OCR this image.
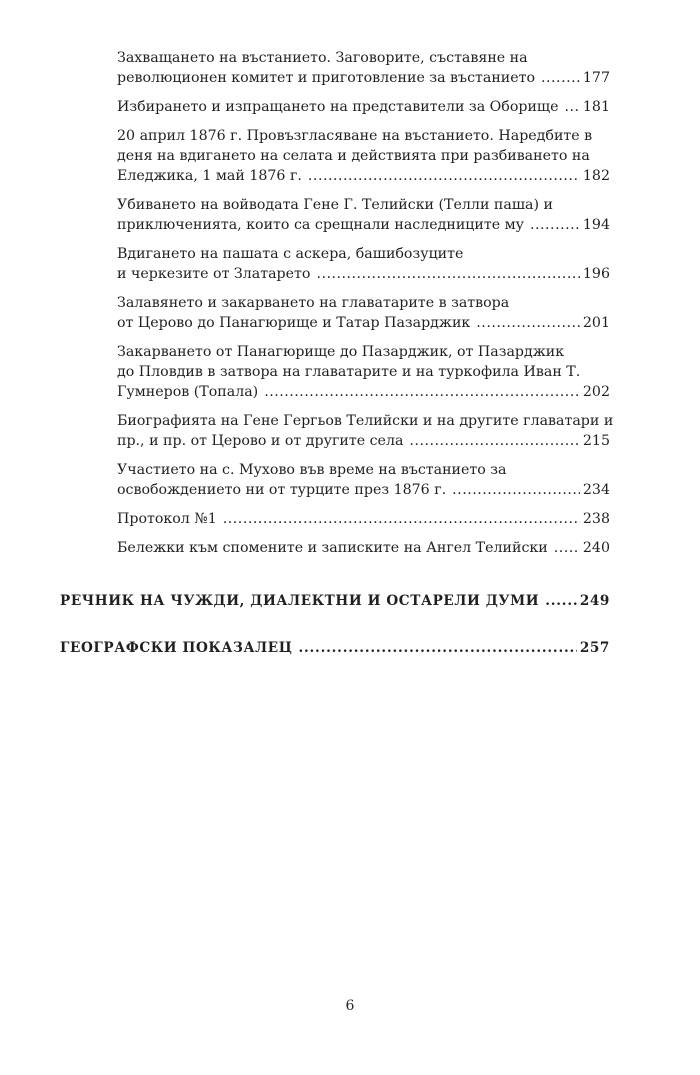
Захващането на въстанието. Заговорите, съставяне на
революционен комитет и приготовление за въстанието .....	177
Избирането и изпращането на представители за Оборище ..... 181
20 април 1876 г. Провъзгласяване на въстанието. Наредбите в
деня на вдигането на селата и действията при разбиването на
Еледжика, 1 май 1876 г. .....	182
Убиването на войводата Гене Г. Телийски (Телли паша) и
приключенията, които са срещнали наследниците му .....	194
Вдигането на пашата с аскера, башибозуците
и черкезите от Златарето .....	196
Залавянето и закарването на главатарите в затвора
от Церово до Панагюрище и Татар Пазарджик .....	201
Закарването от Панагюрище до Пазарджик, от Пазарджик
до Пловдив в затвора на главатарите и на туркофила Иван Т.
Гумнеров (Топала) .....	202
Биографията на Гене Гергьов Телийски и на другите главатари и
пр., и пр. от Церово и от другите села .....	215
Участието на с. Мухово във време на въстанието за
освобождението ни от турците през 1876 г. .....	234
Протокол №1 .....	238
Бележки към спомените и записките на Ангел Телийски ..... 240
РЕЧНИК НА ЧУЖДИ, ДИАЛЕКТНИ И ОСТАРЕЛИ ДУМИ .....	249
ГЕОГРАФСКИ ПОКАЗАЛЕЦ .....	257
6
